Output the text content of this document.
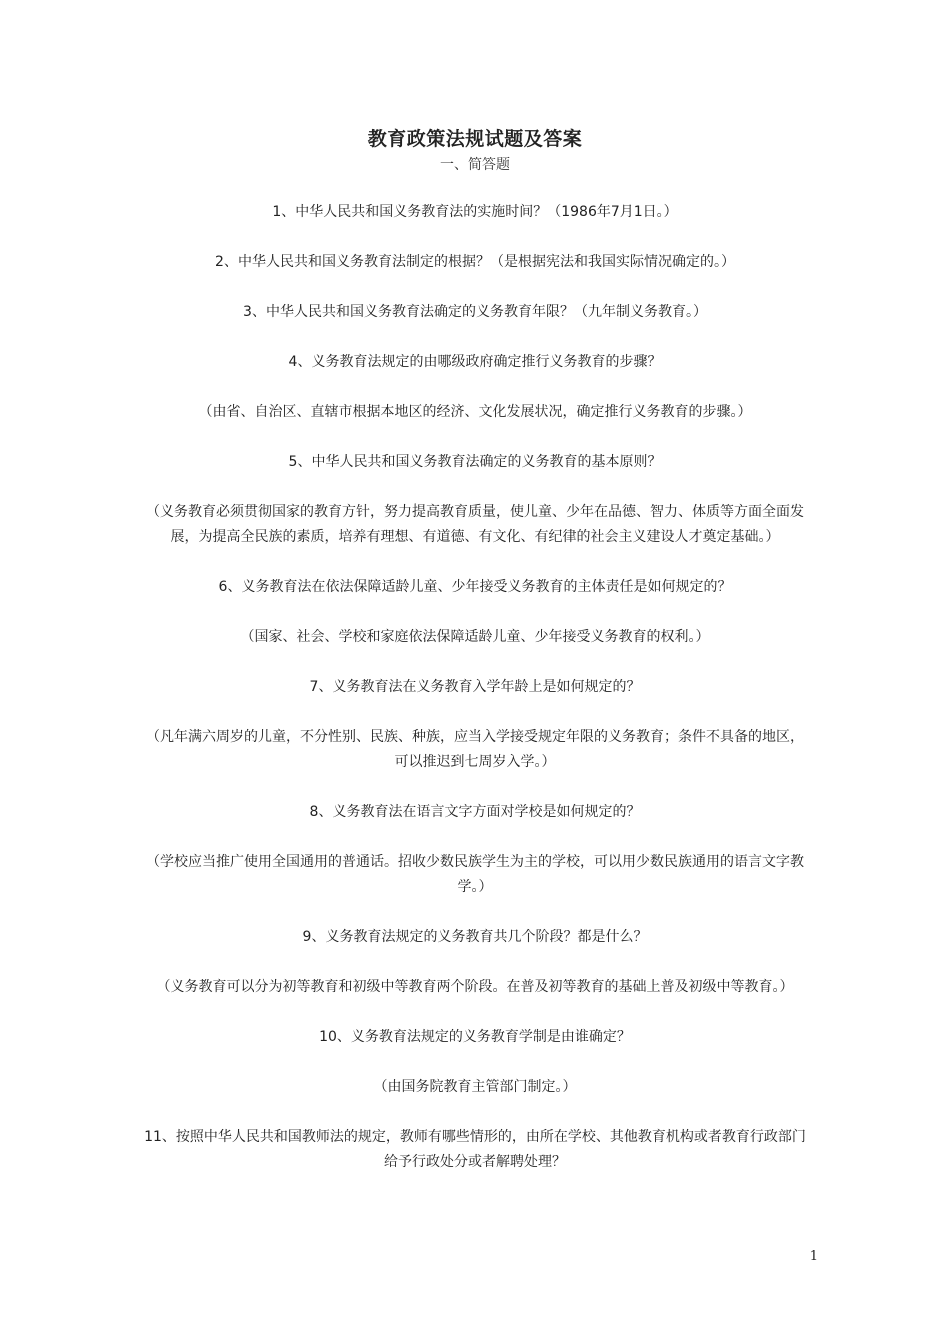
教育政策法规试题及答案
一、简答题

1、中华人民共和国义务教育法的实施时间？（1986年7月1日。）

2、中华人民共和国义务教育法制定的根据？（是根据宪法和我国实际情况确定的。）

3、中华人民共和国义务教育法确定的义务教育年限？（九年制义务教育。）

4、义务教育法规定的由哪级政府确定推行义务教育的步骤？

（由省、自治区、直辖市根据本地区的经济、文化发展状况，确定推行义务教育的步骤。）

5、中华人民共和国义务教育法确定的义务教育的基本原则？

（义务教育必须贯彻国家的教育方针，努力提高教育质量，使儿童、少年在品德、智力、体质等方面全面发展，为提高全民族的素质，培养有理想、有道德、有文化、有纪律的社会主义建设人才奠定基础。）

6、义务教育法在依法保障适龄儿童、少年接受义务教育的主体责任是如何规定的？

（国家、社会、学校和家庭依法保障适龄儿童、少年接受义务教育的权利。）

7、义务教育法在义务教育入学年龄上是如何规定的？

（凡年满六周岁的儿童，不分性别、民族、种族，应当入学接受规定年限的义务教育；条件不具备的地区，可以推迟到七周岁入学。）

8、义务教育法在语言文字方面对学校是如何规定的？

（学校应当推广使用全国通用的普通话。招收少数民族学生为主的学校，可以用少数民族通用的语言文字教学。）

9、义务教育法规定的义务教育共几个阶段？都是什么？

（义务教育可以分为初等教育和初级中等教育两个阶段。在普及初等教育的基础上普及初级中等教育。）

10、义务教育法规定的义务教育学制是由谁确定？

（由国务院教育主管部门制定。）

11、按照中华人民共和国教师法的规定，教师有哪些情形的，由所在学校、其他教育机构或者教育行政部门给予行政处分或者解聘处理？

1
